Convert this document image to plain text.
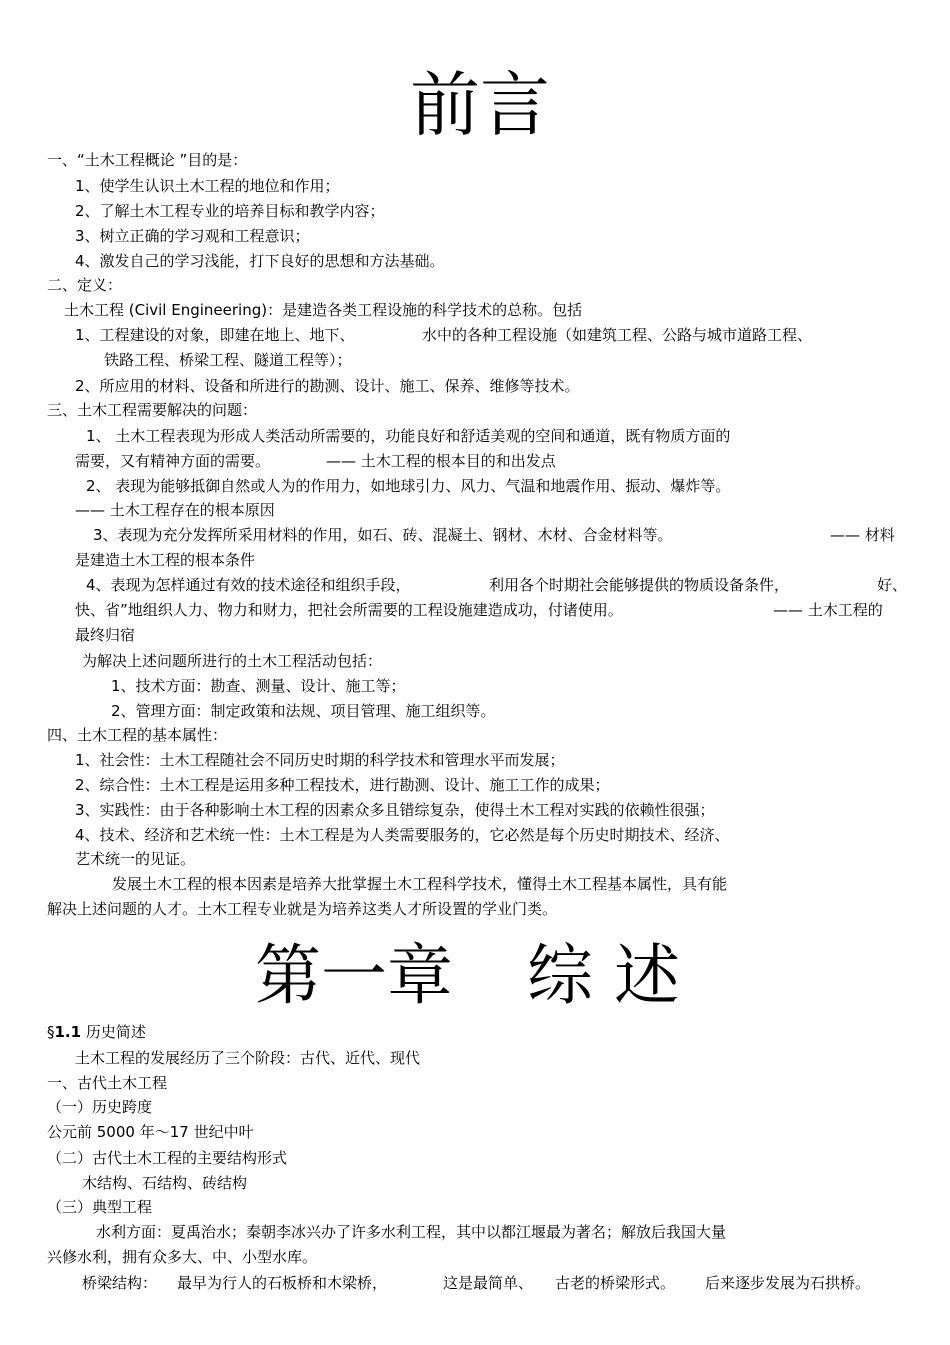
前言
一、“土木工程概论 ”目的是：
1、使学生认识土木工程的地位和作用；
2、了解土木工程专业的培养目标和教学内容；
3、树立正确的学习观和工程意识；
4、激发自己的学习浅能，打下良好的思想和方法基础。
二、定义：
土木工程 (Civil Engineering)：是建造各类工程设施的科学技术的总称。包括
1、工程建设的对象，即建在地上、地下、	水中的各种工程设施（如建筑工程、公路与城市道路工程、
铁路工程、桥梁工程、隧道工程等）；
2、所应用的材料、设备和所进行的勘测、设计、施工、保养、维修等技术。
三、土木工程需要解决的问题：
1、 土木工程表现为形成人类活动所需要的，功能良好和舒适美观的空间和通道，既有物质方面的
需要，又有精神方面的需要。	—— 土木工程的根本目的和出发点
2、 表现为能够抵御自然或人为的作用力，如地球引力、风力、气温和地震作用、振动、爆炸等。
—— 土木工程存在的根本原因
3、表现为充分发挥所采用材料的作用，如石、砖、混凝土、钢材、木材、合金材料等。	—— 材料
是建造土木工程的根本条件
4、表现为怎样通过有效的技术途径和组织手段，	利用各个时期社会能够提供的物质设备条件，	好、
快、省”地组织人力、物力和财力，把社会所需要的工程设施建造成功，付诸使用。	—— 土木工程的
最终归宿
为解决上述问题所进行的土木工程活动包括：
1、技术方面：勘查、测量、设计、施工等；
2、管理方面：制定政策和法规、项目管理、施工组织等。
四、土木工程的基本属性：
1、社会性：土木工程随社会不同历史时期的科学技术和管理水平而发展；
2、综合性：土木工程是运用多种工程技术，进行勘测、设计、施工工作的成果；
3、实践性：由于各种影响土木工程的因素众多且错综复杂，使得土木工程对实践的依赖性很强；
4、技术、经济和艺术统一性：土木工程是为人类需要服务的，它必然是每个历史时期技术、经济、
艺术统一的见证。
发展土木工程的根本因素是培养大批掌握土木工程科学技术，懂得土木工程基本属性，具有能
解决上述问题的人才。土木工程专业就是为培养这类人才所设置的学业门类。
第一章 综 述
§1.1 历史简述
土木工程的发展经历了三个阶段：古代、近代、现代
一、古代土木工程
（一）历史跨度
公元前 5000 年～17 世纪中叶
（二）古代土木工程的主要结构形式
木结构、石结构、砖结构
（三）典型工程
水利方面：夏禹治水；秦朝李冰兴办了许多水利工程，其中以都江堰最为著名；解放后我国大量
兴修水利，拥有众多大、中、小型水库。
桥梁结构： 最早为行人的石板桥和木梁桥，	这是最简单、 古老的桥梁形式。 后来逐步发展为石拱桥。
